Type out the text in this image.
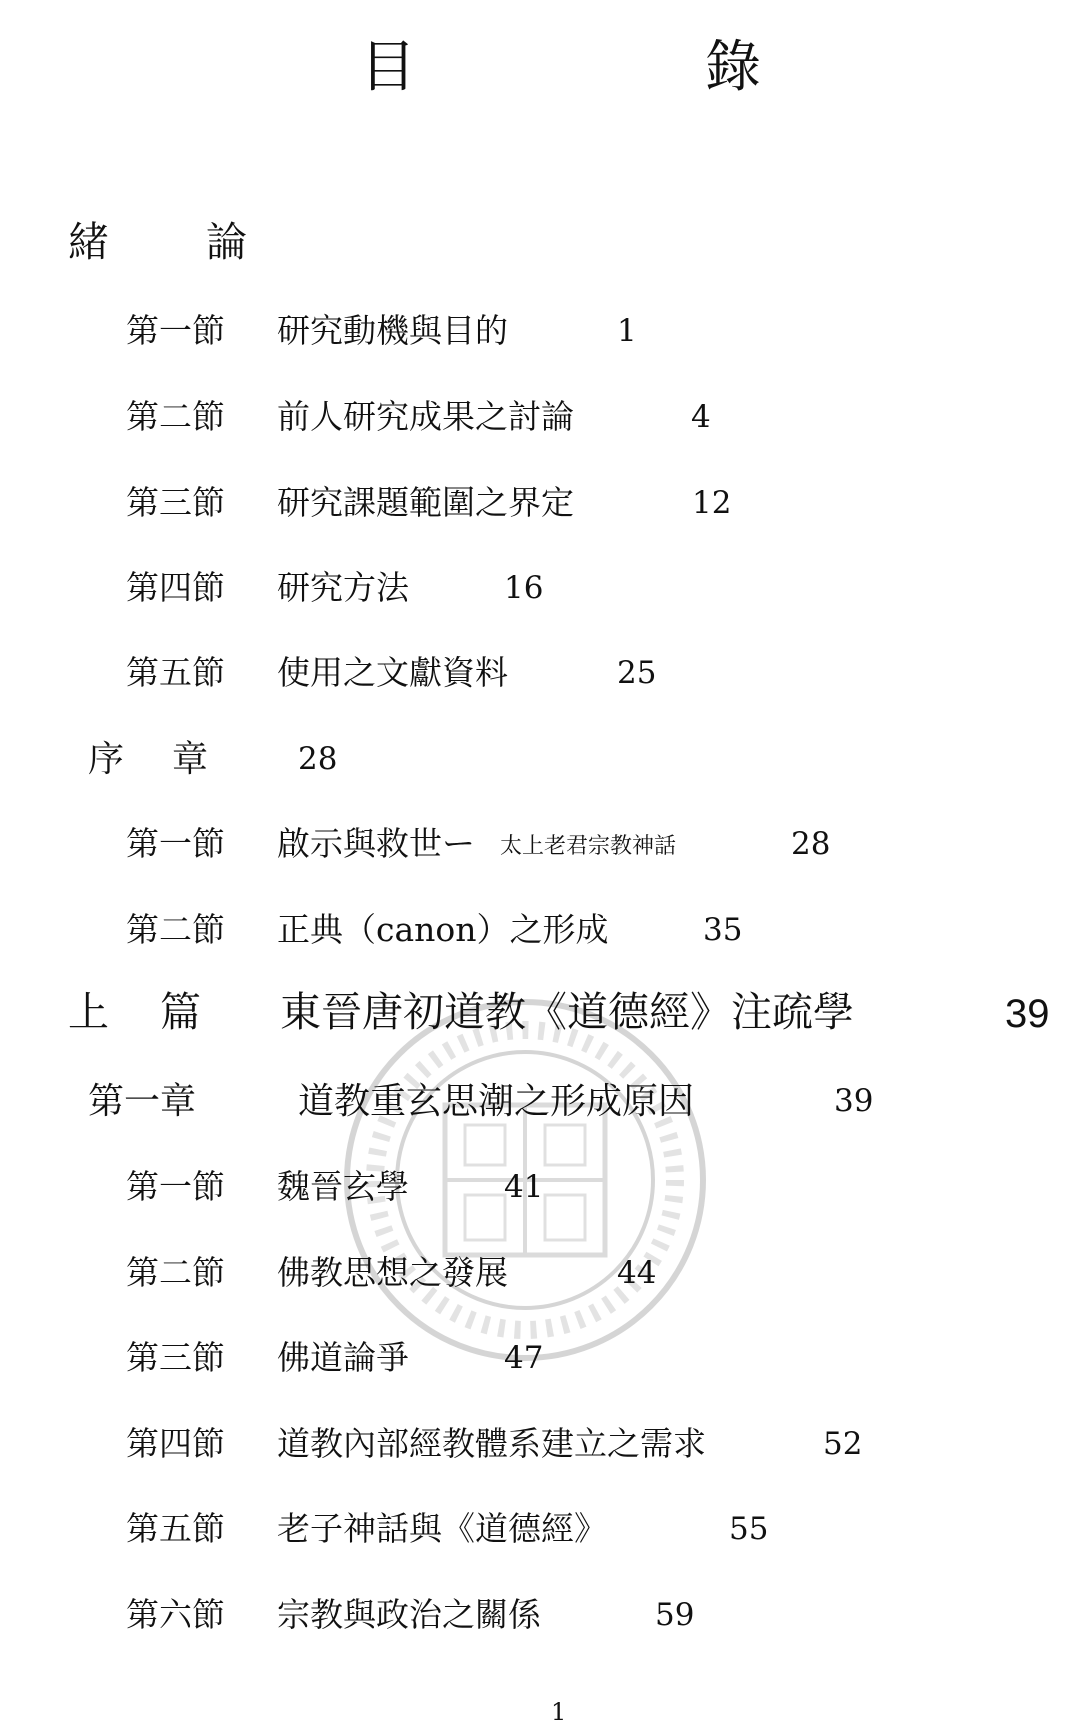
目	錄
緒 論
第一節 研究動機與目的	1
第二節 前人研究成果之討論	4
第三節 研究課題範圍之界定	12
第四節 研究方法	16
第五節 使用之文獻資料	25
序 章	28
第一節 啟示與救世ー 太上老君宗教神話	28
第二節 正典（canon）之形成	35
上 篇 東晉唐初道教《道德經》注疏學	39
第一章	道教重玄思潮之形成原因	39
第一節 魏晉玄學	41
第二節 佛教思想之發展	44
第三節 佛道論爭	47
第四節 道教內部經教體系建立之需求	52
第五節 老子神話與《道德經》	55
第六節 宗教與政治之關係	59
1
